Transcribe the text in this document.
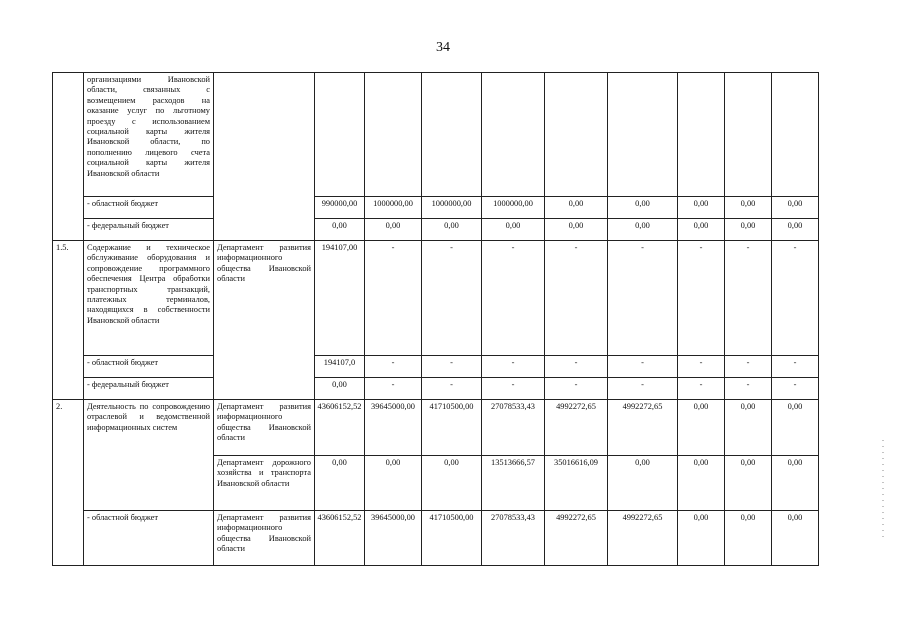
34
	организациями Ивановской области, связанных с возмещением расходов на оказание услуг по льготному проезду с использованием социальной карты жителя Ивановской области, по пополнению лицевого счета социальной карты жителя Ивановской области										
	- областной бюджет		990000,00	1000000,00	1000000,00	1000000,00	0,00	0,00	0,00	0,00	0,00
	- федеральный бюджет		0,00	0,00	0,00	0,00	0,00	0,00	0,00	0,00	0,00
1.5.	Содержание и техническое обслуживание оборудования и сопровождение программного обеспечения Центра обработки транспортных транзакций, платежных терминалов, находящихся в собственности Ивановской области	Департамент развития информационного общества Ивановской области	194107,00	-	-	-	-	-	-	-	-
	- областной бюджет		194107,0	-	-	-	-	-	-	-	-
	- федеральный бюджет		0,00	-	-	-	-	-	-	-	-
2.	Деятельность по сопровождению отраслевой и ведомственной информационных систем	Департамент развития информационного общества Ивановской области	43606152,52	39645000,00	41710500,00	27078533,43	4992272,65	4992272,65	0,00	0,00	0,00
		Департамент дорожного хозяйства и транспорта Ивановской области	0,00	0,00	0,00	13513666,57	35016616,09	0,00	0,00	0,00	0,00
	- областной бюджет	Департамент развития информационного общества Ивановской области	43606152,52	39645000,00	41710500,00	27078533,43	4992272,65	4992272,65	0,00	0,00	0,00
